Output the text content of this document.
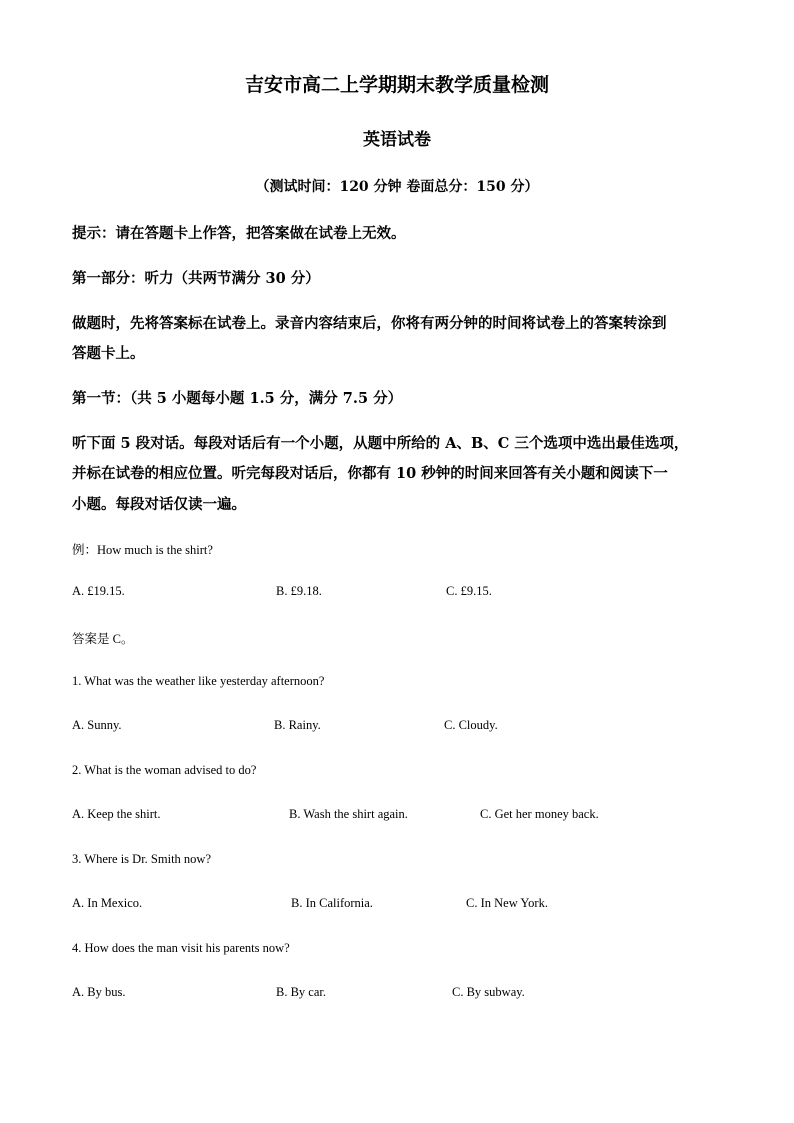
吉安市高二上学期期末教学质量检测
英语试卷
（测试时间：120 分钟 卷面总分：150 分）
提示：请在答题卡上作答，把答案做在试卷上无效。
第一部分：听力（共两节满分 30 分）
做题时，先将答案标在试卷上。录音内容结束后，你将有两分钟的时间将试卷上的答案转涂到
答题卡上。
第一节：（共 5 小题每小题 1.5 分，满分 7.5 分）
听下面 5 段对话。每段对话后有一个小题，从题中所给的 A、B、C 三个选项中选出最佳选项，
并标在试卷的相应位置。听完每段对话后，你都有 10 秒钟的时间来回答有关小题和阅读下一
小题。每段对话仅读一遍。
例：How much is the shirt?
A. £19.15.	B. £9.18.	C. £9.15.
答案是 C。
1. What was the weather like yesterday afternoon?
A. Sunny.	B. Rainy.	C. Cloudy.
2. What is the woman advised to do?
A. Keep the shirt.	B. Wash the shirt again.	C. Get her money back.
3. Where is Dr. Smith now?
A. In Mexico.	B. In California.	C. In New York.
4. How does the man visit his parents now?
A. By bus.	B. By car.	C. By subway.
